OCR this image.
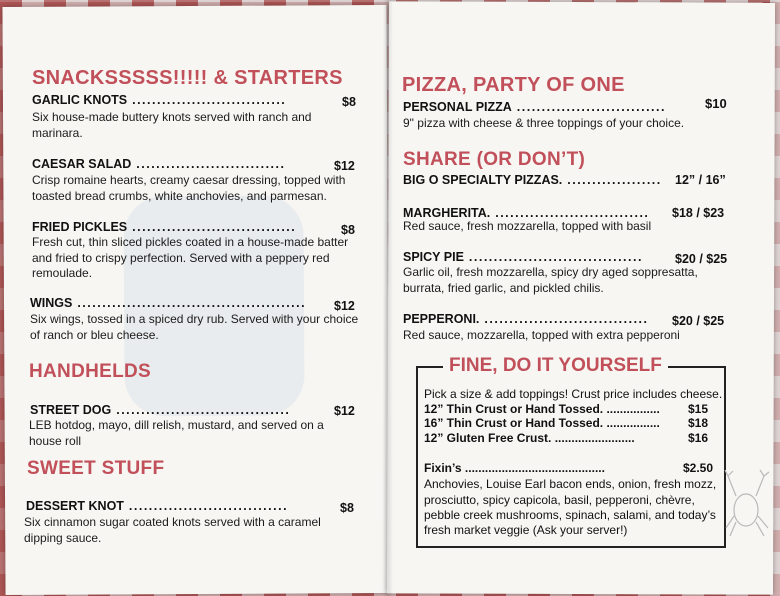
SNACKSSSSS!!!!! & STARTERS
GARLIC KNOTS ...............................	$8
Six house-made buttery knots served with ranch and marinara.
CAESAR SALAD ..............................	$12
Crisp romaine hearts, creamy caesar dressing, topped with toasted bread crumbs, white anchovies, and parmesan.
FRIED PICKLES .................................	$8
Fresh cut, thin sliced pickles coated in a house-made batter and fried to crispy perfection. Served with a peppery red remoulade.
WINGS .............................................. $12
Six wings, tossed in a spiced dry rub. Served with your choice of ranch or bleu cheese.
HANDHELDS
STREET DOG ...................................	$12
LEB hotdog, mayo, dill relish, mustard, and served on a house roll
SWEET STUFF
DESSERT KNOT ................................	$8
Six cinnamon sugar coated knots served with a caramel dipping sauce.
PIZZA, PARTY OF ONE
PERSONAL PIZZA ..............................	$10
9" pizza with cheese & three toppings of your choice.
SHARE (OR DON’T)
BIG O SPECIALTY PIZZAS. ................... 12” / 16”
MARGHERITA. ............................... $18 / $23
Red sauce, fresh mozzarella, topped with basil
SPICY PIE ...................................	$20 / $25
Garlic oil, fresh mozzarella, spicy dry aged soppresatta, burrata, fried garlic, and pickled chilis.
PEPPERONI. ................................. $20 / $25
Red sauce, mozzarella, topped with extra pepperoni
FINE, DO IT YOURSELF
Pick a size & add toppings! Crust price includes cheese.
12” Thin Crust or Hand Tossed. ................ $15
16” Thin Crust or Hand Tossed. ................ $18
12” Gluten Free Crust. ........................	$16
Fixin’s ..........................................	$2.50
Anchovies, Louise Earl bacon ends, onion, fresh mozz,
prosciutto, spicy capicola, basil, pepperoni, chèvre,
pebble creek mushrooms, spinach, salami, and today’s
fresh market veggie (Ask your server!)
